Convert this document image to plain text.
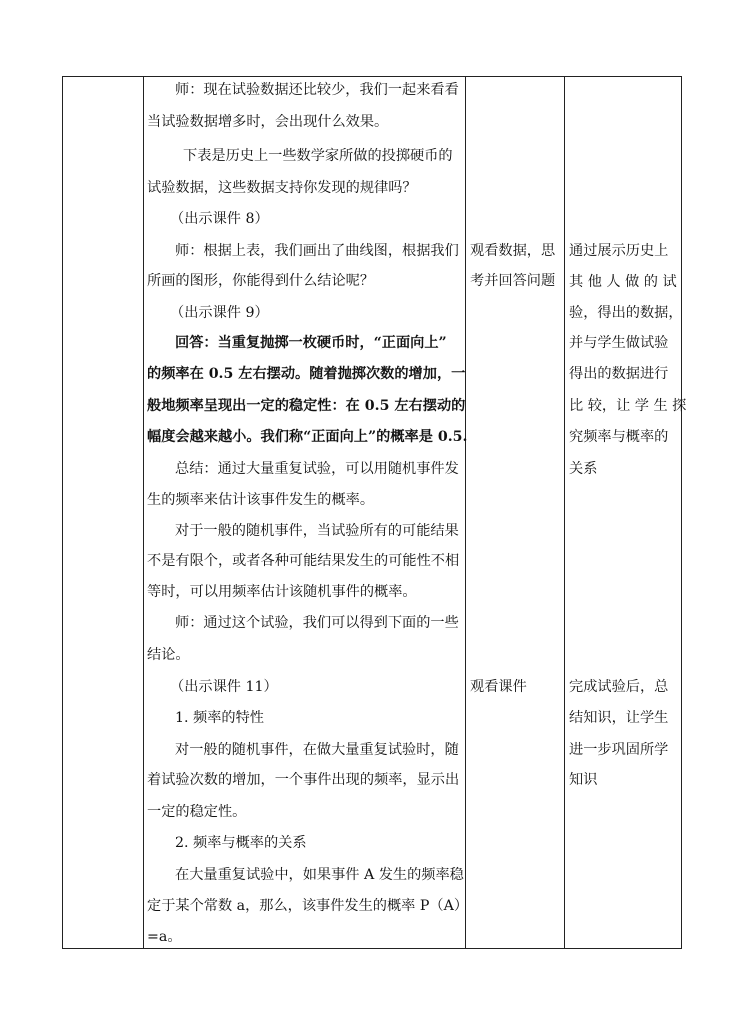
师：现在试验数据还比较少，我们一起来看看
当试验数据增多时，会出现什么效果。
下表是历史上一些数学家所做的投掷硬币的
试验数据，这些数据支持你发现的规律吗？
（出示课件 8）
师：根据上表，我们画出了曲线图，根据我们
所画的图形，你能得到什么结论呢？
（出示课件 9）
回答：当重复抛掷一枚硬币时，“正面向上”
的频率在 0.5 左右摆动。随着抛掷次数的增加，一
般地频率呈现出一定的稳定性：在 0.5 左右摆动的
幅度会越来越小。我们称“正面向上”的概率是 0.5.
总结：通过大量重复试验，可以用随机事件发
生的频率来估计该事件发生的概率。
对于一般的随机事件，当试验所有的可能结果
不是有限个，或者各种可能结果发生的可能性不相
等时，可以用频率估计该随机事件的概率。
师：通过这个试验，我们可以得到下面的一些
结论。
（出示课件 11）
1. 频率的特性
对一般的随机事件，在做大量重复试验时，随
着试验次数的增加，一个事件出现的频率，显示出
一定的稳定性。
2. 频率与概率的关系
在大量重复试验中，如果事件 A 发生的频率稳
定于某个常数 a，那么，该事件发生的概率 P（A）
=a。
观看数据，思
考并回答问题
观看课件
通过展示历史上
其 他 人 做 的 试
验，得出的数据，
并与学生做试验
得出的数据进行
比 较，让 学 生 探
究频率与概率的
关系
完成试验后，总
结知识，让学生
进一步巩固所学
知识
